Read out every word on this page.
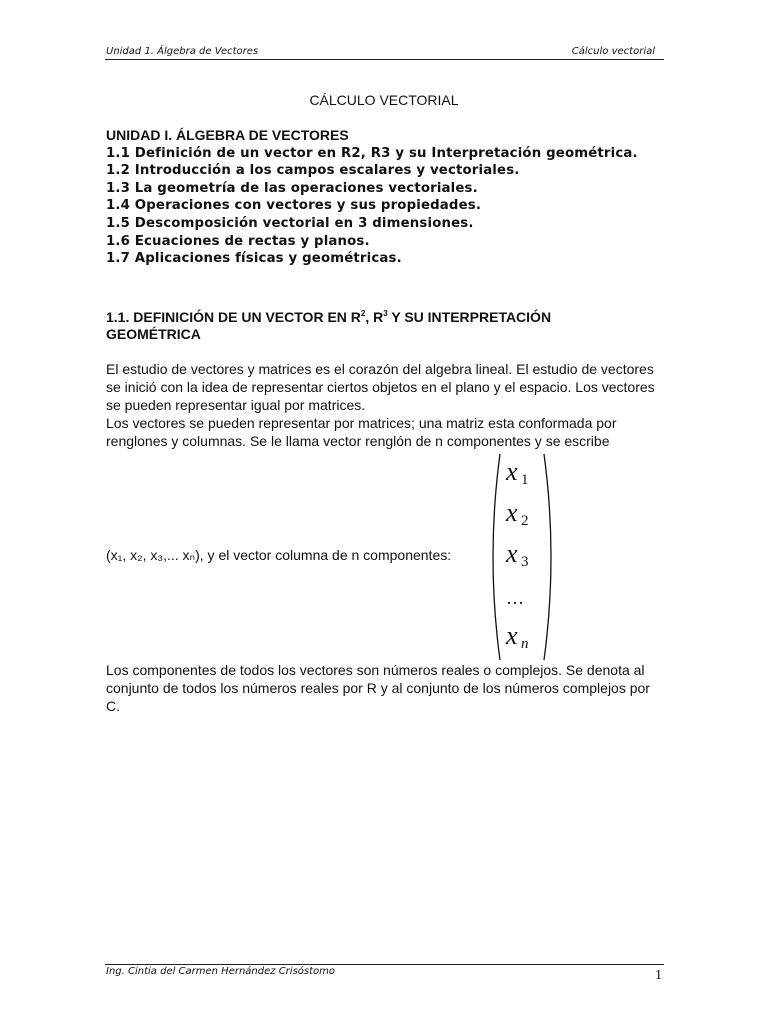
Unidad 1. Álgebra de Vectores	Cálculo vectorial
CÁLCULO VECTORIAL
UNIDAD I. ÁLGEBRA DE VECTORES
1.1 Definición de un vector en R2, R3 y su Interpretación geométrica.
1.2 Introducción a los campos escalares y vectoriales.
1.3 La geometría de las operaciones vectoriales.
1.4 Operaciones con vectores y sus propiedades.
1.5 Descomposición vectorial en 3 dimensiones.
1.6 Ecuaciones de rectas y planos.
1.7 Aplicaciones físicas y geométricas.
1.1. DEFINICIÓN DE UN VECTOR EN $R^2$, $R^3$ Y SU INTERPRETACIÓN GEOMÉTRICA
El estudio de vectores y matrices es el corazón del algebra lineal. El estudio de vectores se inició con la idea de representar ciertos objetos en el plano y el espacio. Los vectores se pueden representar igual por matrices.
Los vectores se pueden representar por matrices; una matriz esta conformada por renglones y columnas. Se le llama vector renglón de n componentes y se escribe
(x₁, x₂, x₃,... xₙ), y el vector columna de n componentes:
x 1
x 2
x 3
…
x n
Los componentes de todos los vectores son números reales o complejos. Se denota al conjunto de todos los números reales por R y al conjunto de los números complejos por C.
Ing. Cintia del Carmen Hernández Crisóstomo	1
